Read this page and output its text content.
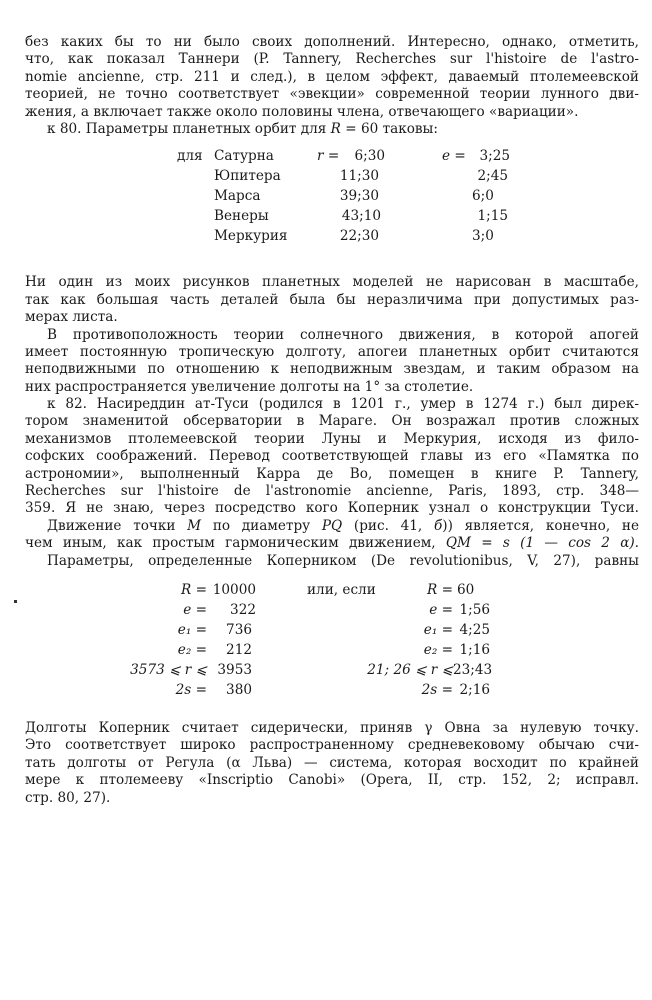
без каких бы то ни было своих дополнений. Интересно, однако, отметить,
что, как показал Таннери (P. Tannery, Recherches sur l'histoire de l'astro-
nomie ancienne, стр. 211 и след.), в целом эффект, даваемый птолемеевской
теорией, не точно соответствует «эвекции» современной теории лунного дви-
жения, а включает также около половины члена, отвечающего «вариации».
к 80. Параметры планетных орбит для R = 60 таковы:
для Сатурна	r =	6;30	e =	3;25
Юпитера	11;30	2;45
Марса	39;30	6;0
Венеры	43;10	1;15
Меркурия	22;30	3;0
Ни один из моих рисунков планетных моделей не нарисован в масштабе,
так как большая часть деталей была бы неразличима при допустимых раз-
мерах листа.
В противоположность теории солнечного движения, в которой апогей
имеет постоянную тропическую долготу, апогеи планетных орбит считаются
неподвижными по отношению к неподвижным звездам, и таким образом на
них распространяется увеличение долготы на 1° за столетие.
к 82. Насиреддин ат-Туси (родился в 1201 г., умер в 1274 г.) был дирек-
тором знаменитой обсерватории в Мараге. Он возражал против сложных
механизмов птолемеевской теории Луны и Меркурия, исходя из фило-
софских соображений. Перевод соответствующей главы из его «Памятка по
астрономии», выполненный Карра де Во, помещен в книге P. Tannery,
Recherches sur l'histoire de l'astronomie ancienne, Paris, 1893, стр. 348—
359. Я не знаю, через посредство кого Коперник узнал о конструкции Туси.
Движение точки M по диаметру PQ (рис. 41, б)) является, конечно, не
чем иным, как простым гармоническим движением, QM = s (1 — cos 2 α).
Параметры, определенные Коперником (De revolutionibus, V, 27), равны
R = 10000	или, если	R = 60
e =	322	e = 1;56
e₁ =	736	e₁ = 4;25
e₂ =	212	e₂ = 1;16
3573 ⩽ r ⩽ 3953	21; 26 ⩽ r ⩽ 23;43
2s =	380	2s = 2;16
Долготы Коперник считает сидерически, приняв γ Овна за нулевую точку.
Это соответствует широко распространенному средневековому обычаю счи-
тать долготы от Регула (α Льва) — система, которая восходит по крайней
мере к птолемееву «Inscriptio Canobi» (Opera, II, стр. 152, 2; исправл.
стр. 80, 27).
